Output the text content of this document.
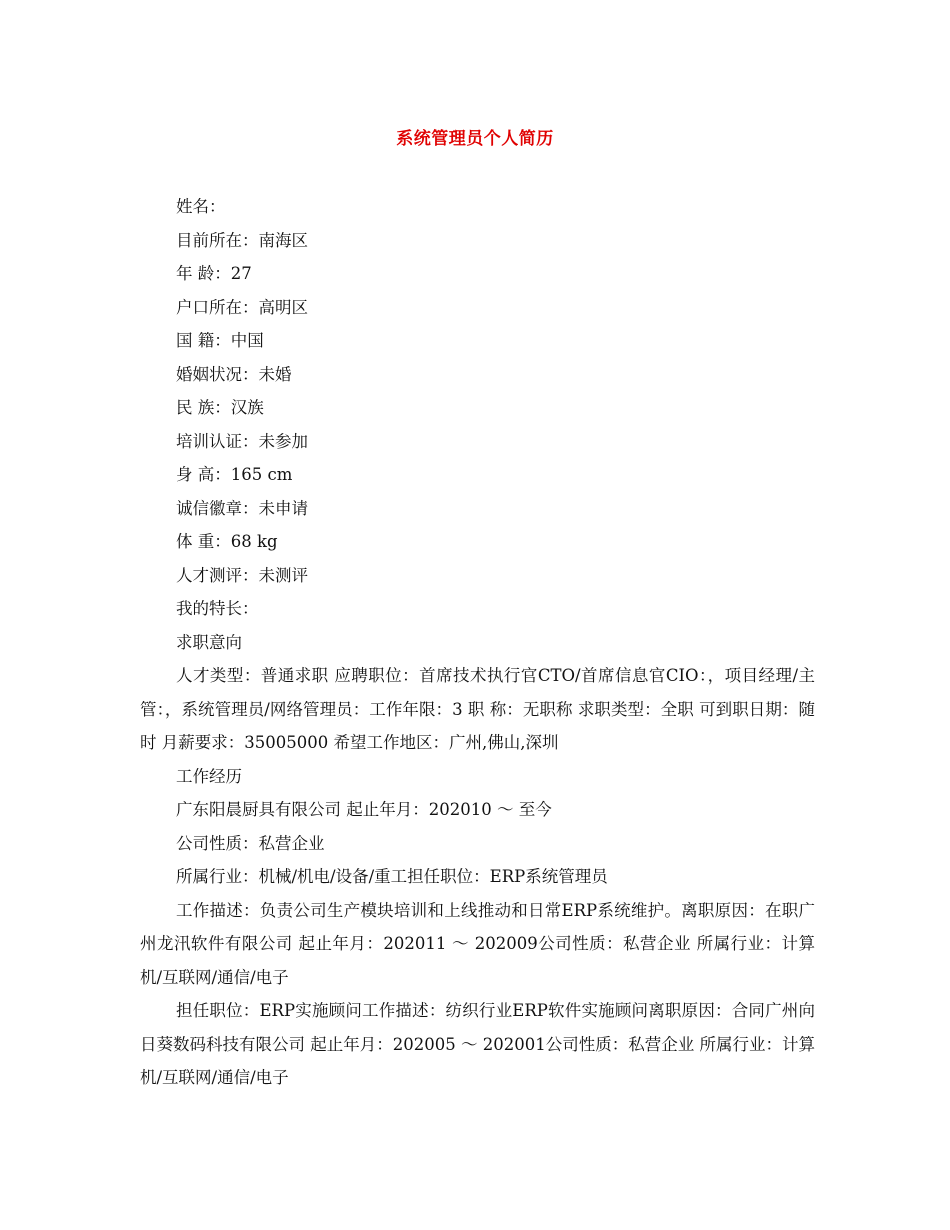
系统管理员个人简历

姓名：

目前所在：南海区

年 龄：27

户口所在：高明区

国 籍：中国

婚姻状况：未婚

民 族：汉族

培训认证：未参加

身 高：165 cm

诚信徽章：未申请

体 重：68 kg

人才测评：未测评

我的特长：

求职意向

人才类型：普通求职 应聘职位：首席技术执行官CTO/首席信息官CIO：，项目经理/主管：，系统管理员/网络管理员：工作年限：3 职 称：无职称 求职类型：全职 可到职日期：随时 月薪要求：35005000 希望工作地区：广州,佛山,深圳

工作经历

广东阳晨厨具有限公司 起止年月：202010 ～ 至今

公司性质：私营企业

所属行业：机械/机电/设备/重工担任职位：ERP系统管理员

工作描述：负责公司生产模块培训和上线推动和日常ERP系统维护。离职原因：在职广州龙汛软件有限公司 起止年月：202011 ～ 202009公司性质：私营企业 所属行业：计算机/互联网/通信/电子

担任职位：ERP实施顾问工作描述：纺织行业ERP软件实施顾问离职原因：合同广州向日葵数码科技有限公司 起止年月：202005 ～ 202001公司性质：私营企业 所属行业：计算机/互联网/通信/电子
